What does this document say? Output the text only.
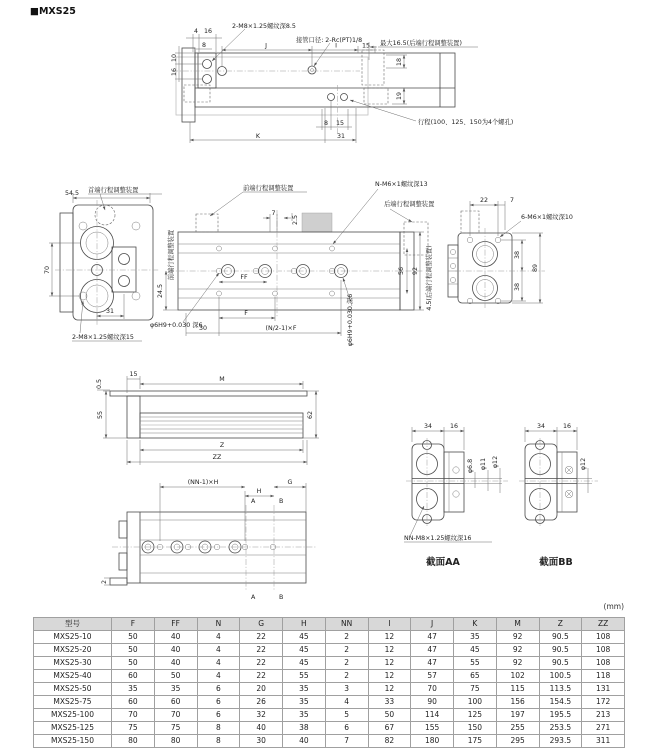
■MXS25
2-M8×1.25螺纹深8.5
接管口径: 2-Rc(PT)1/8	最大16.5(后端行程调整装置)
行程(100、125、150为4个螺孔)
4 16
8
10
16
J	I	15
18
19
8 15
31
K
54.5 首端行程调整装置
70
31
2-M8×1.25螺纹深15
前端行程调整装置
N-M6×1螺纹深13
后端行程调整装置
7
2.5
24.5
前端行程调整装置	FF
F
30	(N/2-1)×F
φ6H9+0.030 深6	φ6H9+0.030 深6
56 92	4.5(后端行程调整装置)
22	7
6-M6×1螺纹深10
38
38
89
0.5
15
M
55	62
Z
ZZ
(NN-1)×H	G
H
A	B
A	B
2
34	16
φ6.8 φ11 φ12
NN-M8×1.25螺纹深16
截面AA
34	16
φ12
截面BB
(mm)
型号	F	FF	N	G	H	NN	I	J	K	M	Z	ZZ
MXS25-10	50	40	4	22	45	2	12	47	35	92	90.5	108
MXS25-20	50	40	4	22	45	2	12	47	45	92	90.5	108
MXS25-30	50	40	4	22	45	2	12	47	55	92	90.5	108
MXS25-40	60	50	4	22	55	2	12	57	65	102	100.5	118
MXS25-50	35	35	6	20	35	3	12	70	75	115	113.5	131
MXS25-75	60	60	6	26	35	4	33	90	100	156	154.5	172
MXS25-100	70	70	6	32	35	5	50	114	125	197	195.5	213
MXS25-125	75	75	8	40	38	6	67	155	150	255	253.5	271
MXS25-150	80	80	8	30	40	7	82	180	175	295	293.5	311
